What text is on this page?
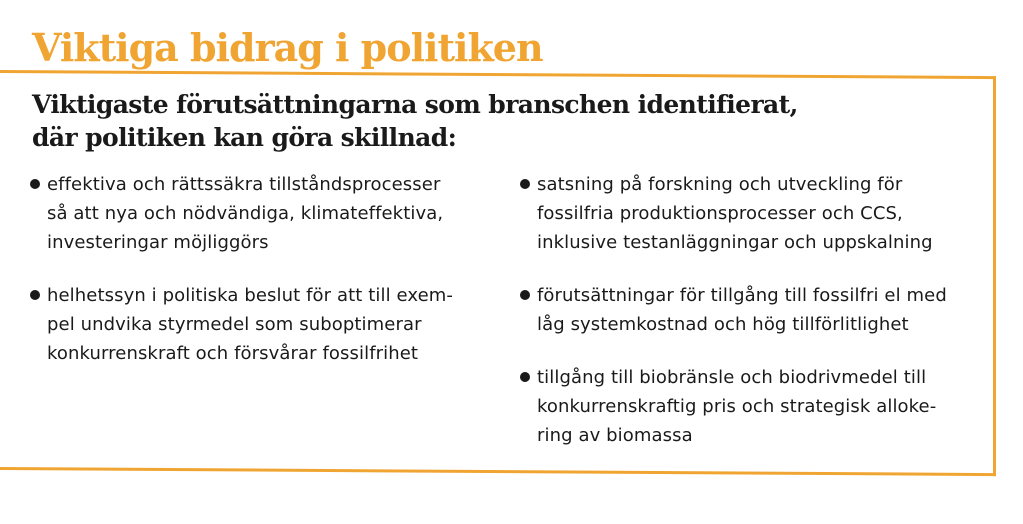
Viktiga bidrag i politiken
Viktigaste förutsättningarna som branschen identifierat,
där politiken kan göra skillnad:
effektiva och rättssäkra tillståndsprocesser
så att nya och nödvändiga, klimateffektiva,
investeringar möjliggörs
helhetssyn i politiska beslut för att till exem-
pel undvika styrmedel som suboptimerar
konkurrenskraft och försvårar fossilfrihet
satsning på forskning och utveckling för
fossilfria produktionsprocesser och CCS,
inklusive testanläggningar och uppskalning
förutsättningar för tillgång till fossilfri el med
låg systemkostnad och hög tillförlitlighet
tillgång till biobränsle och biodrivmedel till
konkurrenskraftig pris och strategisk alloke-
ring av biomassa
